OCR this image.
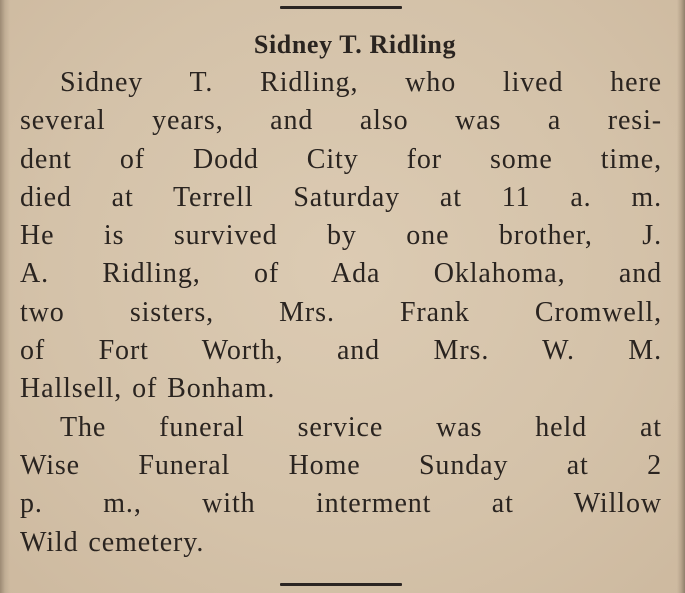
Sidney T. Ridling
Sidney T. Ridling, who lived here
several years, and also was a resi-
dent of Dodd City for some time,
died at Terrell Saturday at 11 a. m.
He is survived by one brother, J.
A. Ridling, of Ada Oklahoma, and
two sisters, Mrs. Frank Cromwell,
of Fort Worth, and Mrs. W. M.
Hallsell, of Bonham.
The funeral service was held at
Wise Funeral Home Sunday at 2
p. m., with interment at Willow
Wild cemetery.
